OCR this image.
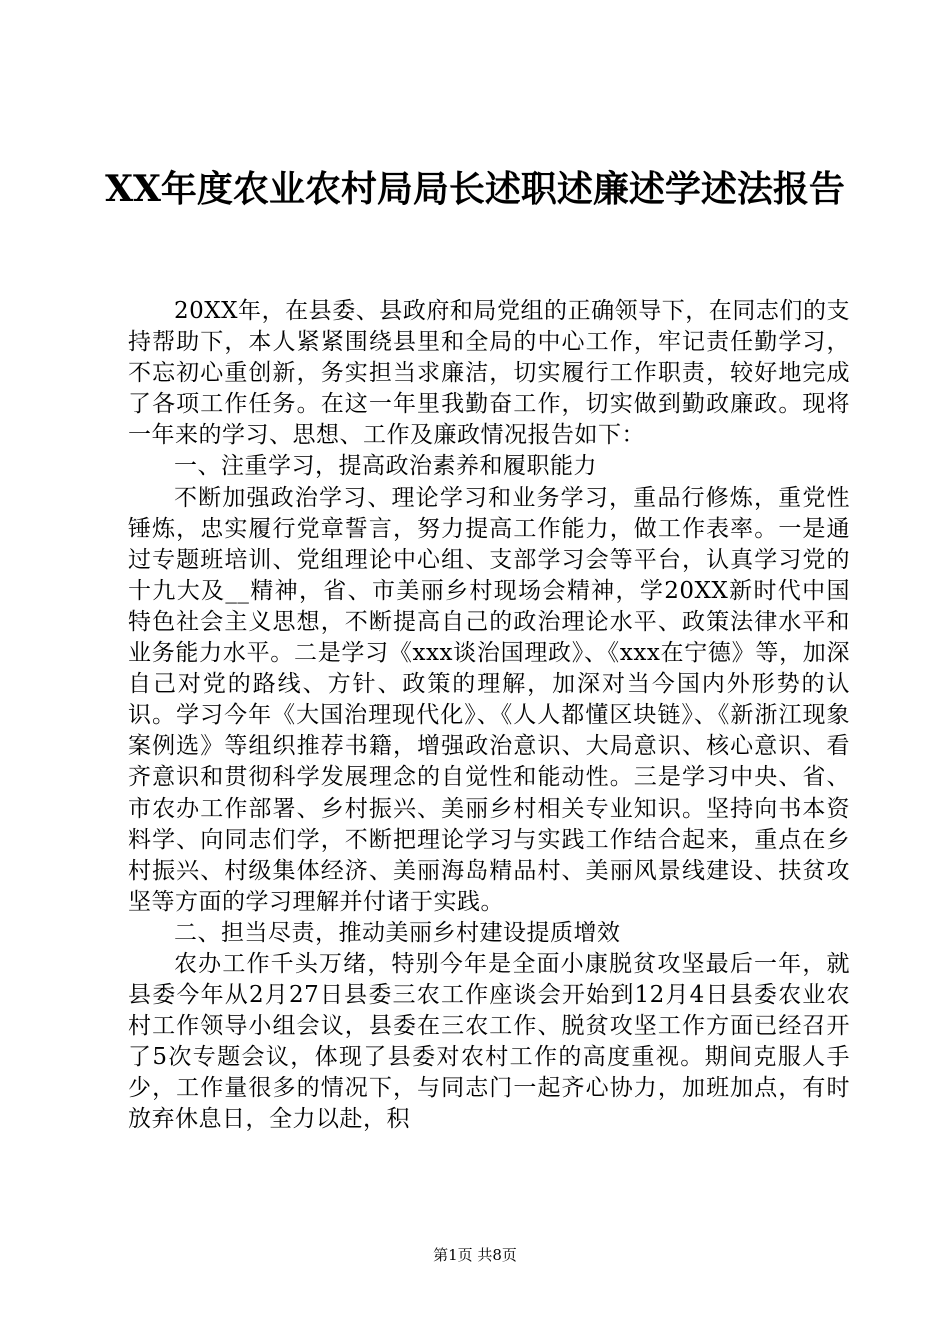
XX年度农业农村局局长述职述廉述学述法报告

20XX年，在县委、县政府和局党组的正确领导下，在同志们的支持帮助下，本人紧紧围绕县里和全局的中心工作，牢记责任勤学习，不忘初心重创新，务实担当求廉洁，切实履行工作职责，较好地完成了各项工作任务。在这一年里我勤奋工作，切实做到勤政廉政。现将一年来的学习、思想、工作及廉政情况报告如下：

一、注重学习，提高政治素养和履职能力

不断加强政治学习、理论学习和业务学习，重品行修炼，重党性锤炼，忠实履行党章誓言，努力提高工作能力，做工作表率。一是通过专题班培训、党组理论中心组、支部学习会等平台，认真学习党的十九大及__精神，省、市美丽乡村现场会精神，学20XX新时代中国特色社会主义思想，不断提高自己的政治理论水平、政策法律水平和业务能力水平。二是学习《xxx谈治国理政》、《xxx在宁德》等，加深自己对党的路线、方针、政策的理解，加深对当今国内外形势的认识。学习今年《大国治理现代化》、《人人都懂区块链》、《新浙江现象案例选》等组织推荐书籍，增强政治意识、大局意识、核心意识、看齐意识和贯彻科学发展理念的自觉性和能动性。三是学习中央、省、市农办工作部署、乡村振兴、美丽乡村相关专业知识。坚持向书本资料学、向同志们学，不断把理论学习与实践工作结合起来，重点在乡村振兴、村级集体经济、美丽海岛精品村、美丽风景线建设、扶贫攻坚等方面的学习理解并付诸于实践。

二、担当尽责，推动美丽乡村建设提质增效

农办工作千头万绪，特别今年是全面小康脱贫攻坚最后一年，就县委今年从2月27日县委三农工作座谈会开始到12月4日县委农业农村工作领导小组会议，县委在三农工作、脱贫攻坚工作方面已经召开了5次专题会议，体现了县委对农村工作的高度重视。期间克服人手少，工作量很多的情况下，与同志门一起齐心协力，加班加点，有时放弃休息日，全力以赴，积

第1页 共8页
